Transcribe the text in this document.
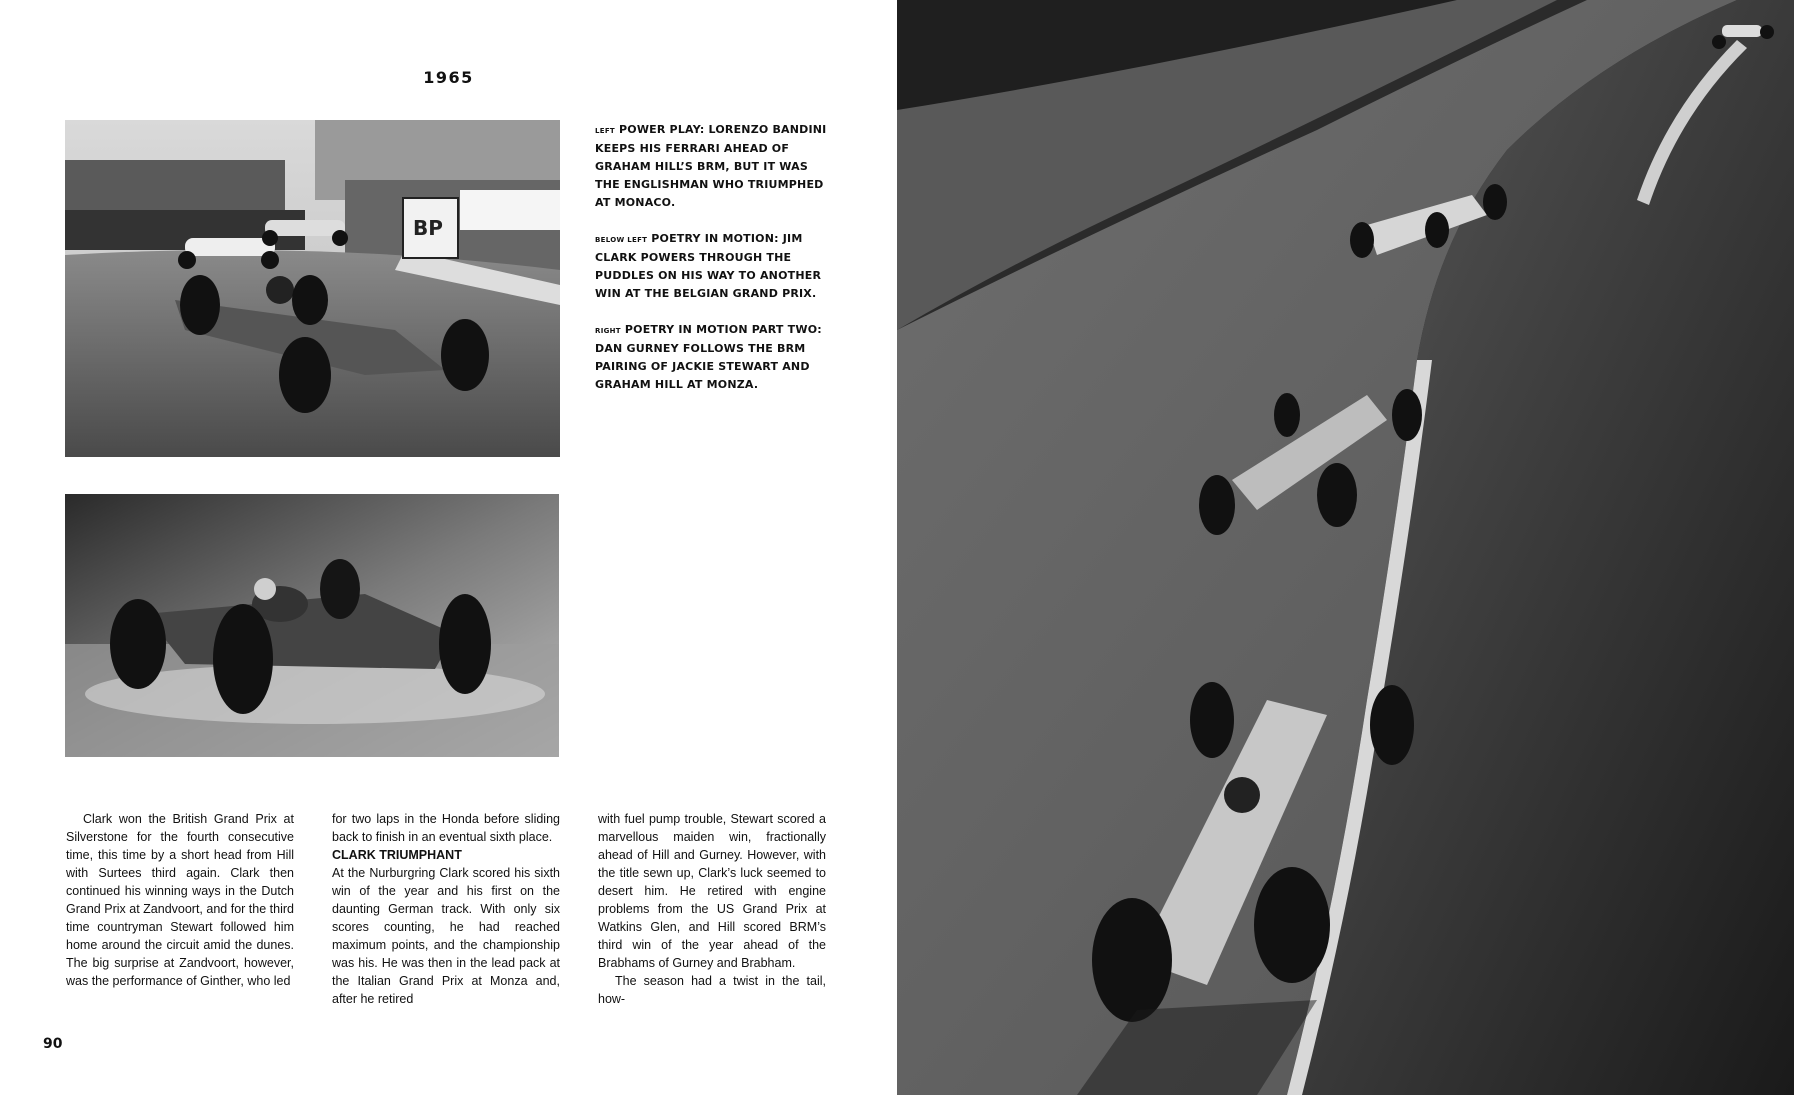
1965
BP

LEFT POWER PLAY: LORENZO BANDINI KEEPS HIS FERRARI AHEAD OF GRAHAM HILL’S BRM, BUT IT WAS THE ENGLISHMAN WHO TRIUMPHED AT MONACO.

BELOW LEFT POETRY IN MOTION: JIM CLARK POWERS THROUGH THE PUDDLES ON HIS WAY TO ANOTHER WIN AT THE BELGIAN GRAND PRIX.

RIGHT POETRY IN MOTION PART TWO: DAN GURNEY FOLLOWS THE BRM PAIRING OF JACKIE STEWART AND GRAHAM HILL AT MONZA.

Clark won the British Grand Prix at Silverstone for the fourth consecutive time, this time by a short head from Hill with Surtees third again. Clark then continued his winning ways in the Dutch Grand Prix at Zandvoort, and for the third time countryman Stewart followed him home around the circuit amid the dunes. The big surprise at Zandvoort, however, was the performance of Ginther, who led

for two laps in the Honda before sliding back to finish in an eventual sixth place.

CLARK TRIUMPHANT

At the Nurburgring Clark scored his sixth win of the year and his first on the daunting German track. With only six scores counting, he had reached maximum points, and the championship was his. He was then in the lead pack at the Italian Grand Prix at Monza and, after he retired

with fuel pump trouble, Stewart scored a marvellous maiden win, fractionally ahead of Hill and Gurney. However, with the title sewn up, Clark’s luck seemed to desert him. He retired with engine problems from the US Grand Prix at Watkins Glen, and Hill scored BRM’s third win of the year ahead of the Brabhams of Gurney and Brabham.

The season had a twist in the tail, how-

90
